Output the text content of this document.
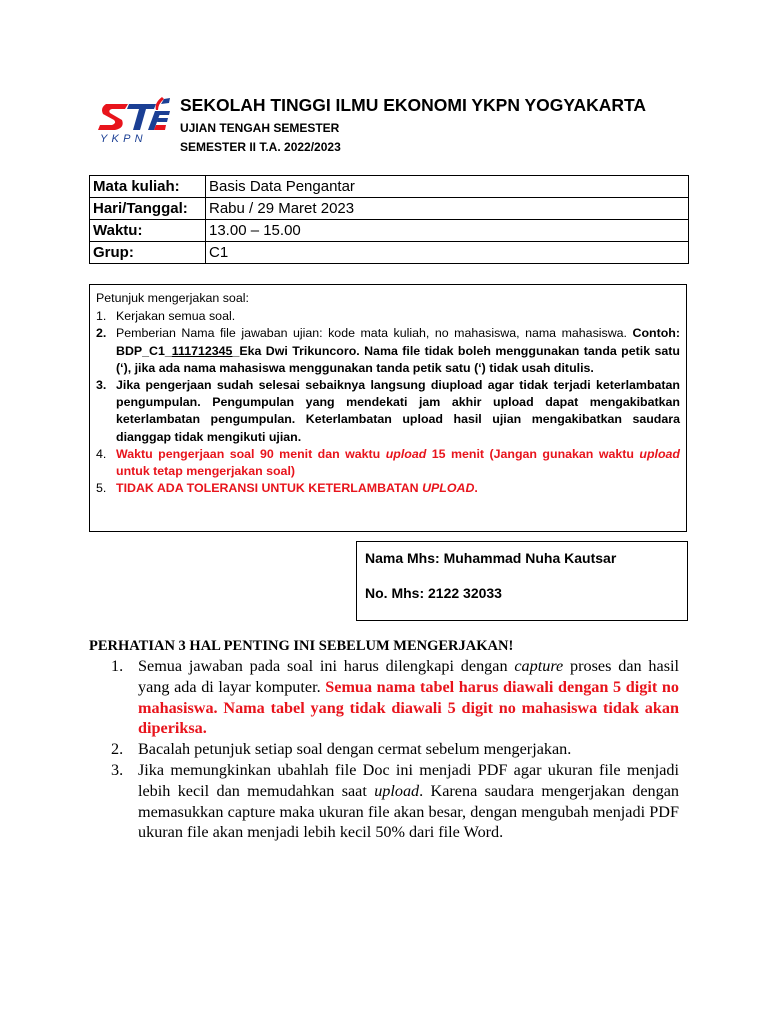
YKPN
SEKOLAH TINGGI ILMU EKONOMI YKPN YOGYAKARTA
UJIAN TENGAH SEMESTER
SEMESTER II T.A. 2022/2023
Mata kuliah:	Basis Data Pengantar
Hari/Tanggal:	Rabu / 29 Maret 2023
Waktu:	13.00 – 15.00
Grup:	C1
Petunjuk mengerjakan soal:
1. Kerjakan semua soal.
2. Pemberian Nama file jawaban ujian: kode mata kuliah, no mahasiswa, nama mahasiswa. Contoh: BDP_C1_111712345_Eka Dwi Trikuncoro. Nama file tidak boleh menggunakan tanda petik satu (‘), jika ada nama mahasiswa menggunakan tanda petik satu (‘) tidak usah ditulis.
3. Jika pengerjaan sudah selesai sebaiknya langsung diupload agar tidak terjadi keterlambatan pengumpulan. Pengumpulan yang mendekati jam akhir upload dapat mengakibatkan keterlambatan pengumpulan. Keterlambatan upload hasil ujian mengakibatkan saudara dianggap tidak mengikuti ujian.
4. Waktu pengerjaan soal 90 menit dan waktu upload 15 menit (Jangan gunakan waktu upload untuk tetap mengerjakan soal)
5. TIDAK ADA TOLERANSI UNTUK KETERLAMBATAN UPLOAD.
Nama Mhs: Muhammad Nuha Kautsar
No. Mhs: 2122 32033
PERHATIAN 3 HAL PENTING INI SEBELUM MENGERJAKAN!
1. Semua jawaban pada soal ini harus dilengkapi dengan capture proses dan hasil yang ada di layar komputer. Semua nama tabel harus diawali dengan 5 digit no mahasiswa. Nama tabel yang tidak diawali 5 digit no mahasiswa tidak akan diperiksa.
2. Bacalah petunjuk setiap soal dengan cermat sebelum mengerjakan.
3. Jika memungkinkan ubahlah file Doc ini menjadi PDF agar ukuran file menjadi lebih kecil dan memudahkan saat upload. Karena saudara mengerjakan dengan memasukkan capture maka ukuran file akan besar, dengan mengubah menjadi PDF ukuran file akan menjadi lebih kecil 50% dari file Word.
